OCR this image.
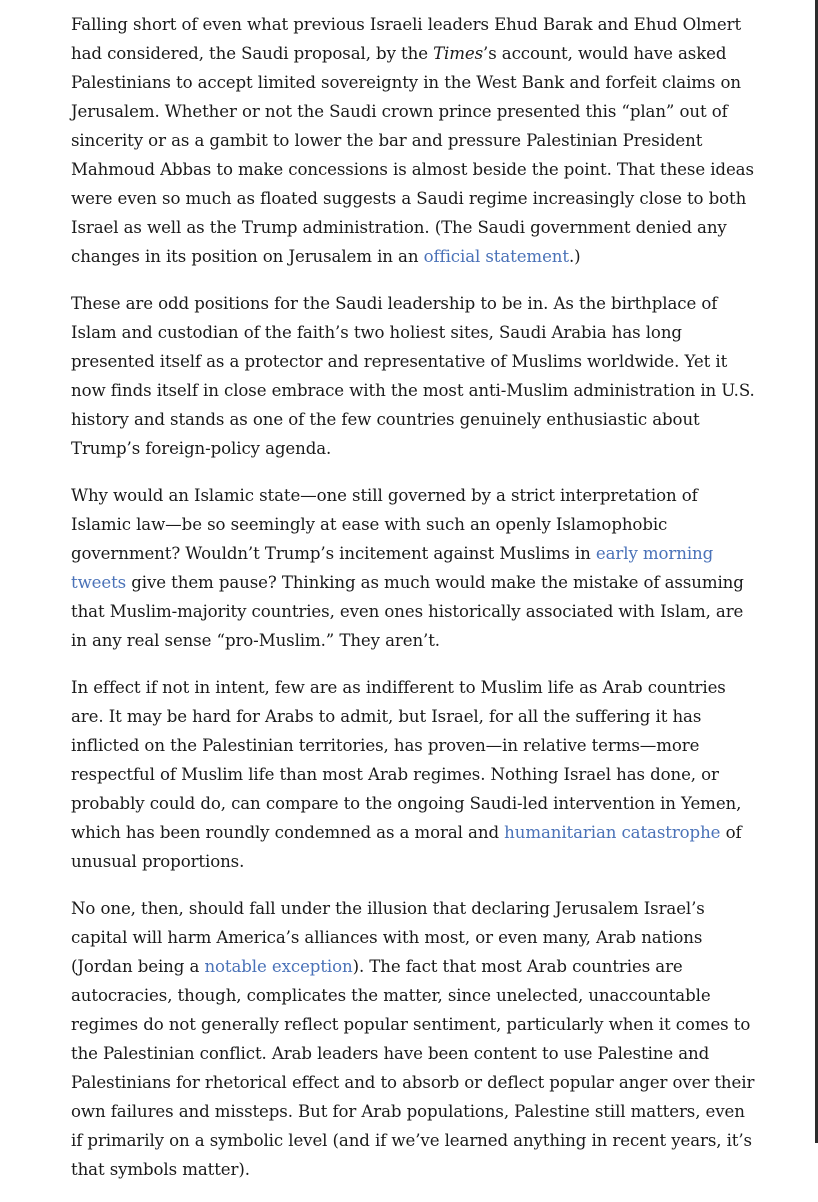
Falling short of even what previous Israeli leaders Ehud Barak and Ehud Olmert had considered, the Saudi proposal, by the Times’s account, would have asked Palestinians to accept limited sovereignty in the West Bank and forfeit claims on Jerusalem. Whether or not the Saudi crown prince presented this “plan” out of sincerity or as a gambit to lower the bar and pressure Palestinian President Mahmoud Abbas to make concessions is almost beside the point. That these ideas were even so much as floated suggests a Saudi regime increasingly close to both Israel as well as the Trump administration. (The Saudi government denied any changes in its position on Jerusalem in an official statement.)

These are odd positions for the Saudi leadership to be in. As the birthplace of Islam and custodian of the faith’s two holiest sites, Saudi Arabia has long presented itself as a protector and representative of Muslims worldwide. Yet it now finds itself in close embrace with the most anti-Muslim administration in U.S. history and stands as one of the few countries genuinely enthusiastic about Trump’s foreign-policy agenda.

Why would an Islamic state—one still governed by a strict interpretation of Islamic law—be so seemingly at ease with such an openly Islamophobic government? Wouldn’t Trump’s incitement against Muslims in early morning tweets give them pause? Thinking as much would make the mistake of assuming that Muslim-majority countries, even ones historically associated with Islam, are in any real sense “pro-Muslim.” They aren’t.

In effect if not in intent, few are as indifferent to Muslim life as Arab countries are. It may be hard for Arabs to admit, but Israel, for all the suffering it has inflicted on the Palestinian territories, has proven—in relative terms—more respectful of Muslim life than most Arab regimes. Nothing Israel has done, or probably could do, can compare to the ongoing Saudi-led intervention in Yemen, which has been roundly condemned as a moral and humanitarian catastrophe of unusual proportions.

No one, then, should fall under the illusion that declaring Jerusalem Israel’s capital will harm America’s alliances with most, or even many, Arab nations (Jordan being a notable exception). The fact that most Arab countries are autocracies, though, complicates the matter, since unelected, unaccountable regimes do not generally reflect popular sentiment, particularly when it comes to the Palestinian conflict. Arab leaders have been content to use Palestine and Palestinians for rhetorical effect and to absorb or deflect popular anger over their own failures and missteps. But for Arab populations, Palestine still matters, even if primarily on a symbolic level (and if we’ve learned anything in recent years, it’s that symbols matter).
